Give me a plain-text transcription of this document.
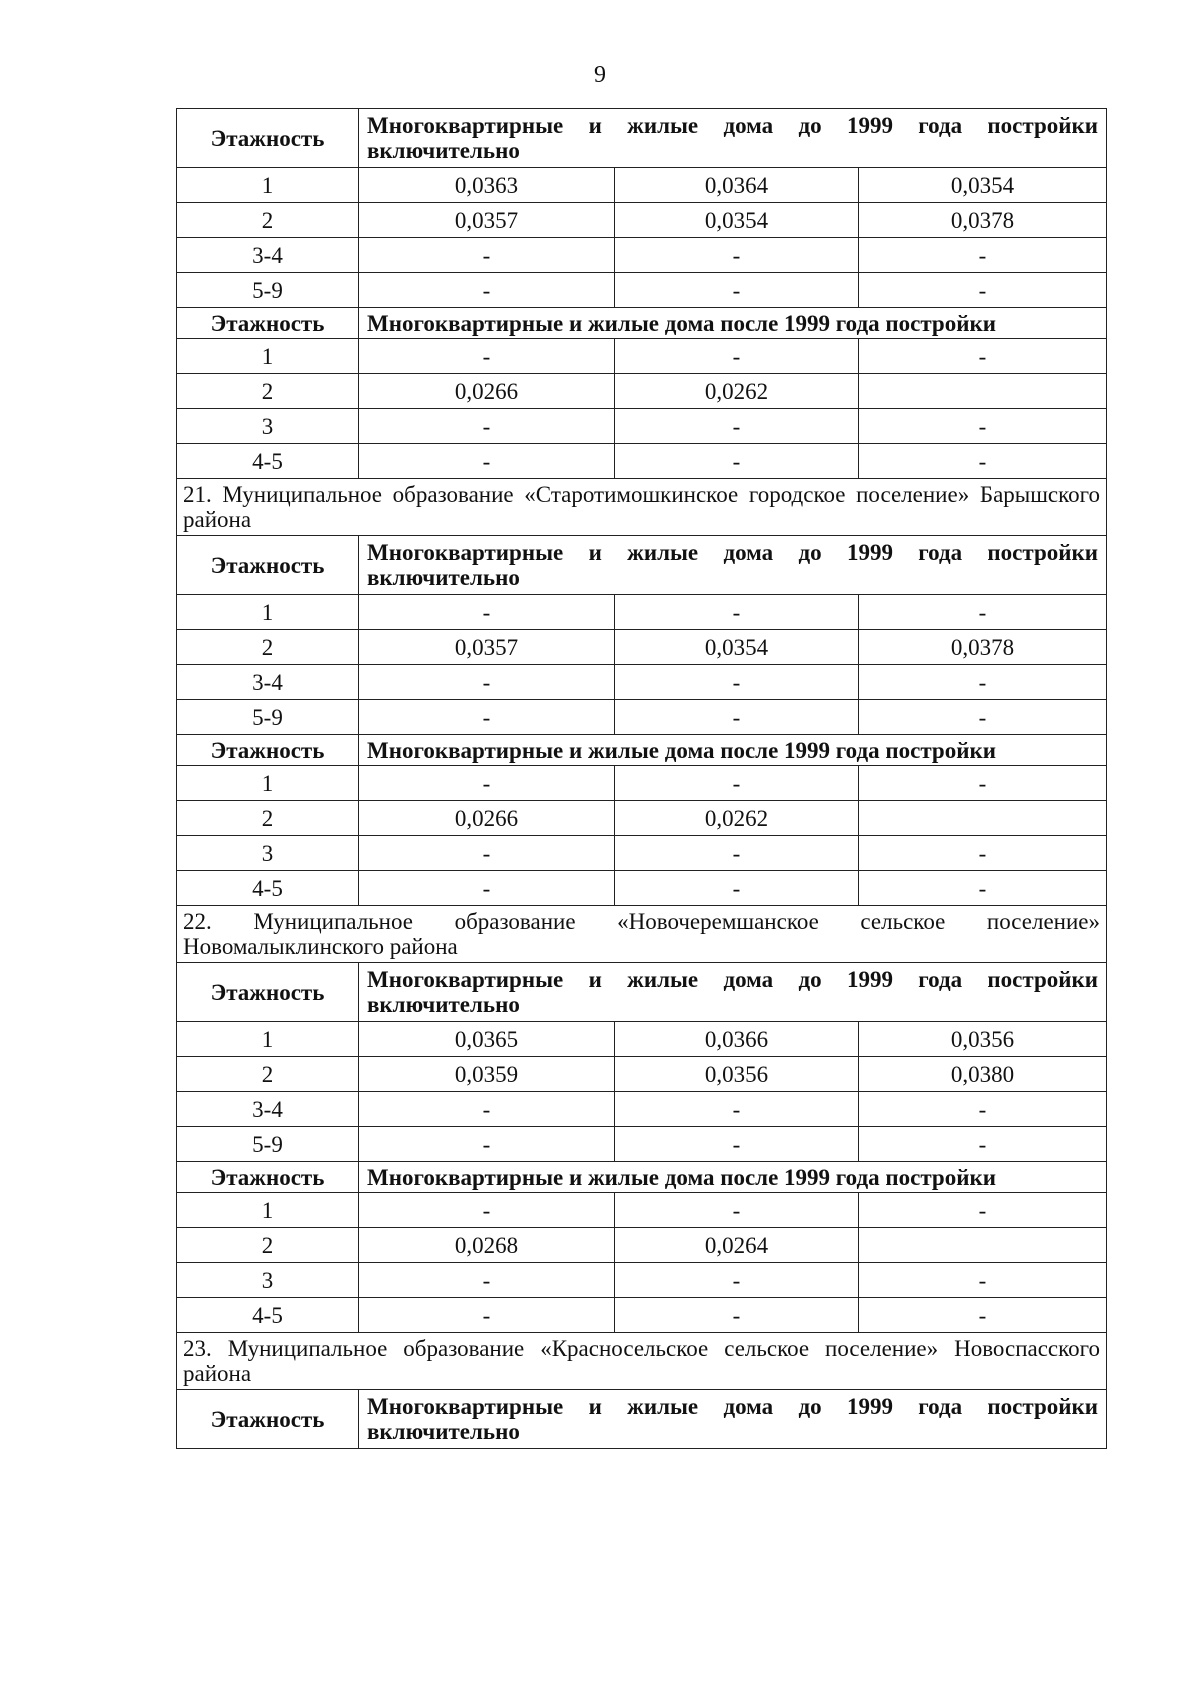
9
Этажность	Многоквартирные и жилые дома до 1999 года постройки включительно		
1	0,0363	0,0364	0,0354
2	0,0357	0,0354	0,0378
3-4	-	-	-
5-9	-	-	-
Этажность	Многоквартирные и жилые дома после 1999 года постройки		
1	-	-	-
2	0,0266	0,0262	
3	-	-	-
4-5	-	-	-
21. Муниципальное образование «Старотимошкинское городское поселение» Барышского района			
Этажность	Многоквартирные и жилые дома до 1999 года постройки включительно		
1	-	-	-
2	0,0357	0,0354	0,0378
3-4	-	-	-
5-9	-	-	-
Этажность	Многоквартирные и жилые дома после 1999 года постройки		
1	-	-	-
2	0,0266	0,0262	
3	-	-	-
4-5	-	-	-
22. Муниципальное образование «Новочеремшанское сельское поселение» Новомалыклинского района			
Этажность	Многоквартирные и жилые дома до 1999 года постройки включительно		
1	0,0365	0,0366	0,0356
2	0,0359	0,0356	0,0380
3-4	-	-	-
5-9	-	-	-
Этажность	Многоквартирные и жилые дома после 1999 года постройки		
1	-	-	-
2	0,0268	0,0264	
3	-	-	-
4-5	-	-	-
23. Муниципальное образование «Красносельское сельское поселение» Новоспасского района			
Этажность	Многоквартирные и жилые дома до 1999 года постройки включительно		
